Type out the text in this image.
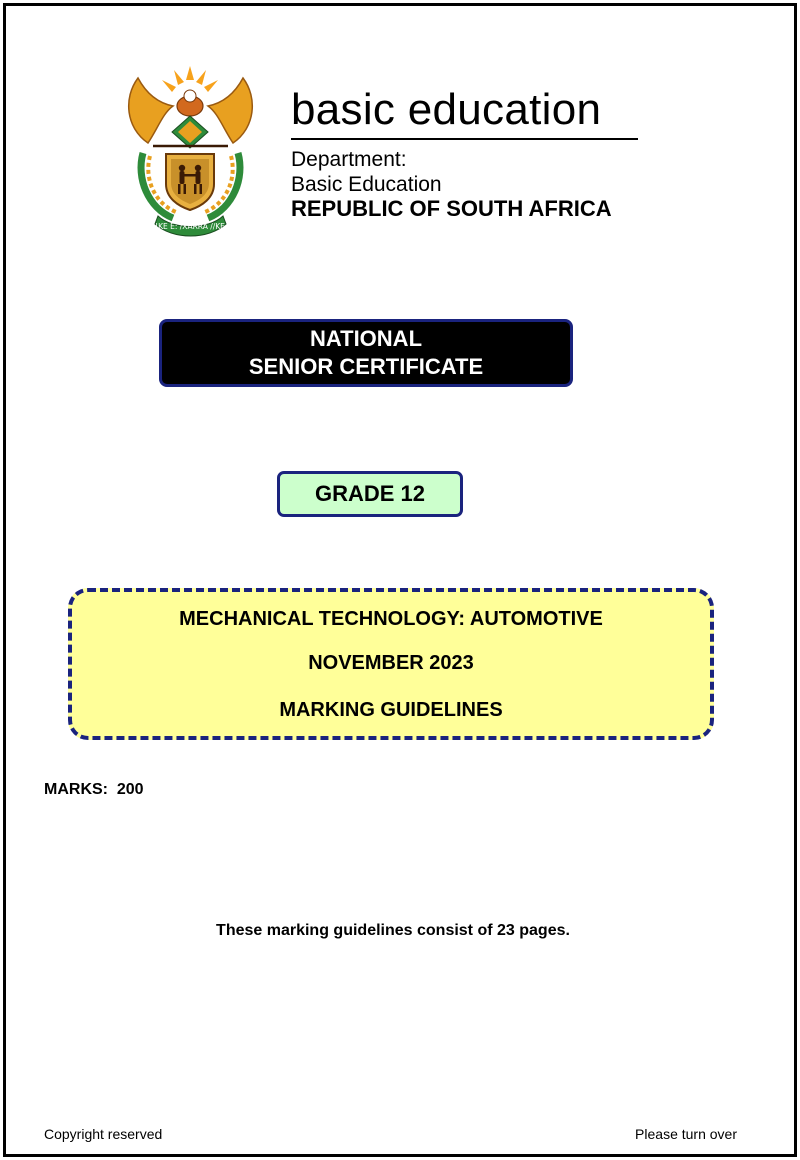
!KE E: /XARRA //KE
basic education
Department:
Basic Education
REPUBLIC OF SOUTH AFRICA
NATIONAL
SENIOR CERTIFICATE
GRADE 12
MECHANICAL TECHNOLOGY: AUTOMOTIVE
NOVEMBER 2023
MARKING GUIDELINES
MARKS:  200
These marking guidelines consist of 23 pages.
Copyright reserved	Please turn over
